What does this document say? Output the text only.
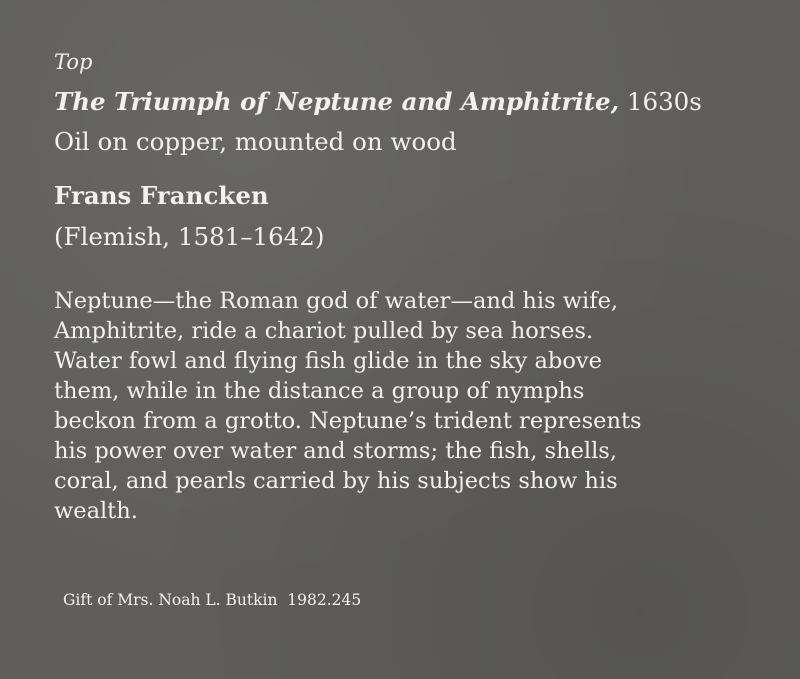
Top

The Triumph of Neptune and Amphitrite, 1630s

Oil on copper, mounted on wood

Frans Francken

(Flemish, 1581–1642)

Neptune—the Roman god of water—and his wife,
Amphitrite, ride a chariot pulled by sea horses.
Water fowl and flying fish glide in the sky above
them, while in the distance a group of nymphs
beckon from a grotto. Neptune’s trident represents
his power over water and storms; the fish, shells,
coral, and pearls carried by his subjects show his
wealth.

Gift of Mrs. Noah L. Butkin  1982.245
